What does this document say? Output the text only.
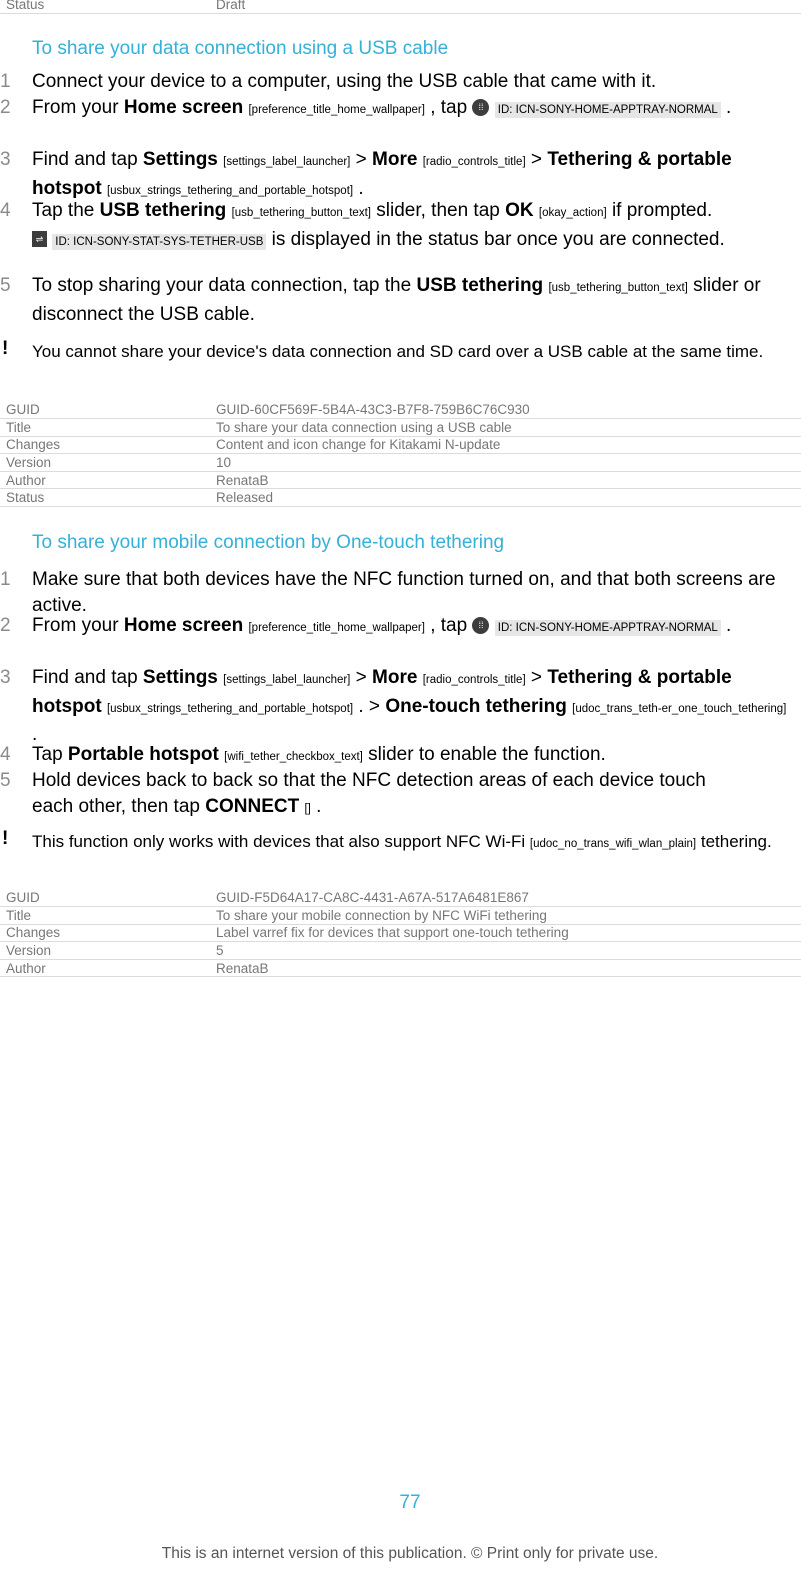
Status	Draft
To share your data connection using a USB cable
1 Connect your device to a computer, using the USB cable that came with it.
2 From your Home screen [preference_title_home_wallpaper] , tap ⁞⁞ ID: ICN-SONY-HOME-APPTRAY-NORMAL .
3 Find and tap Settings [settings_label_launcher] > More [radio_controls_title] > Tethering & portable hotspot [usbux_strings_tethering_and_portable_hotspot] .
4 Tap the USB tethering [usb_tethering_button_text] slider, then tap OK [okay_action] if prompted.
⇌ ID: ICN-SONY-STAT-SYS-TETHER-USB is displayed in the status bar once you are connected.
5 To stop sharing your data connection, tap the USB tethering [usb_tethering_button_text] slider or disconnect the USB cable.
! You cannot share your device's data connection and SD card over a USB cable at the same time.
GUID	GUID-60CF569F-5B4A-43C3-B7F8-759B6C76C930
Title	To share your data connection using a USB cable
Changes	Content and icon change for Kitakami N-update
Version	10
Author	RenataB
Status	Released
To share your mobile connection by One-touch tethering
1 Make sure that both devices have the NFC function turned on, and that both screens are active.
2 From your Home screen [preference_title_home_wallpaper] , tap ⁞⁞ ID: ICN-SONY-HOME-APPTRAY-NORMAL .
3 Find and tap Settings [settings_label_launcher] > More [radio_controls_title] > Tethering & portable hotspot [usbux_strings_tethering_and_portable_hotspot] . > One-touch tethering [udoc_trans_teth-er_one_touch_tethering] .
4 Tap Portable hotspot [wifi_tether_checkbox_text] slider to enable the function.
5 Hold devices back to back so that the NFC detection areas of each device touch each other, then tap CONNECT [] .
! This function only works with devices that also support NFC Wi-Fi [udoc_no_trans_wifi_wlan_plain] tethering.
GUID	GUID-F5D64A17-CA8C-4431-A67A-517A6481E867
Title	To share your mobile connection by NFC WiFi tethering
Changes	Label varref fix for devices that support one-touch tethering
Version	5
Author	RenataB
77
This is an internet version of this publication. © Print only for private use.
